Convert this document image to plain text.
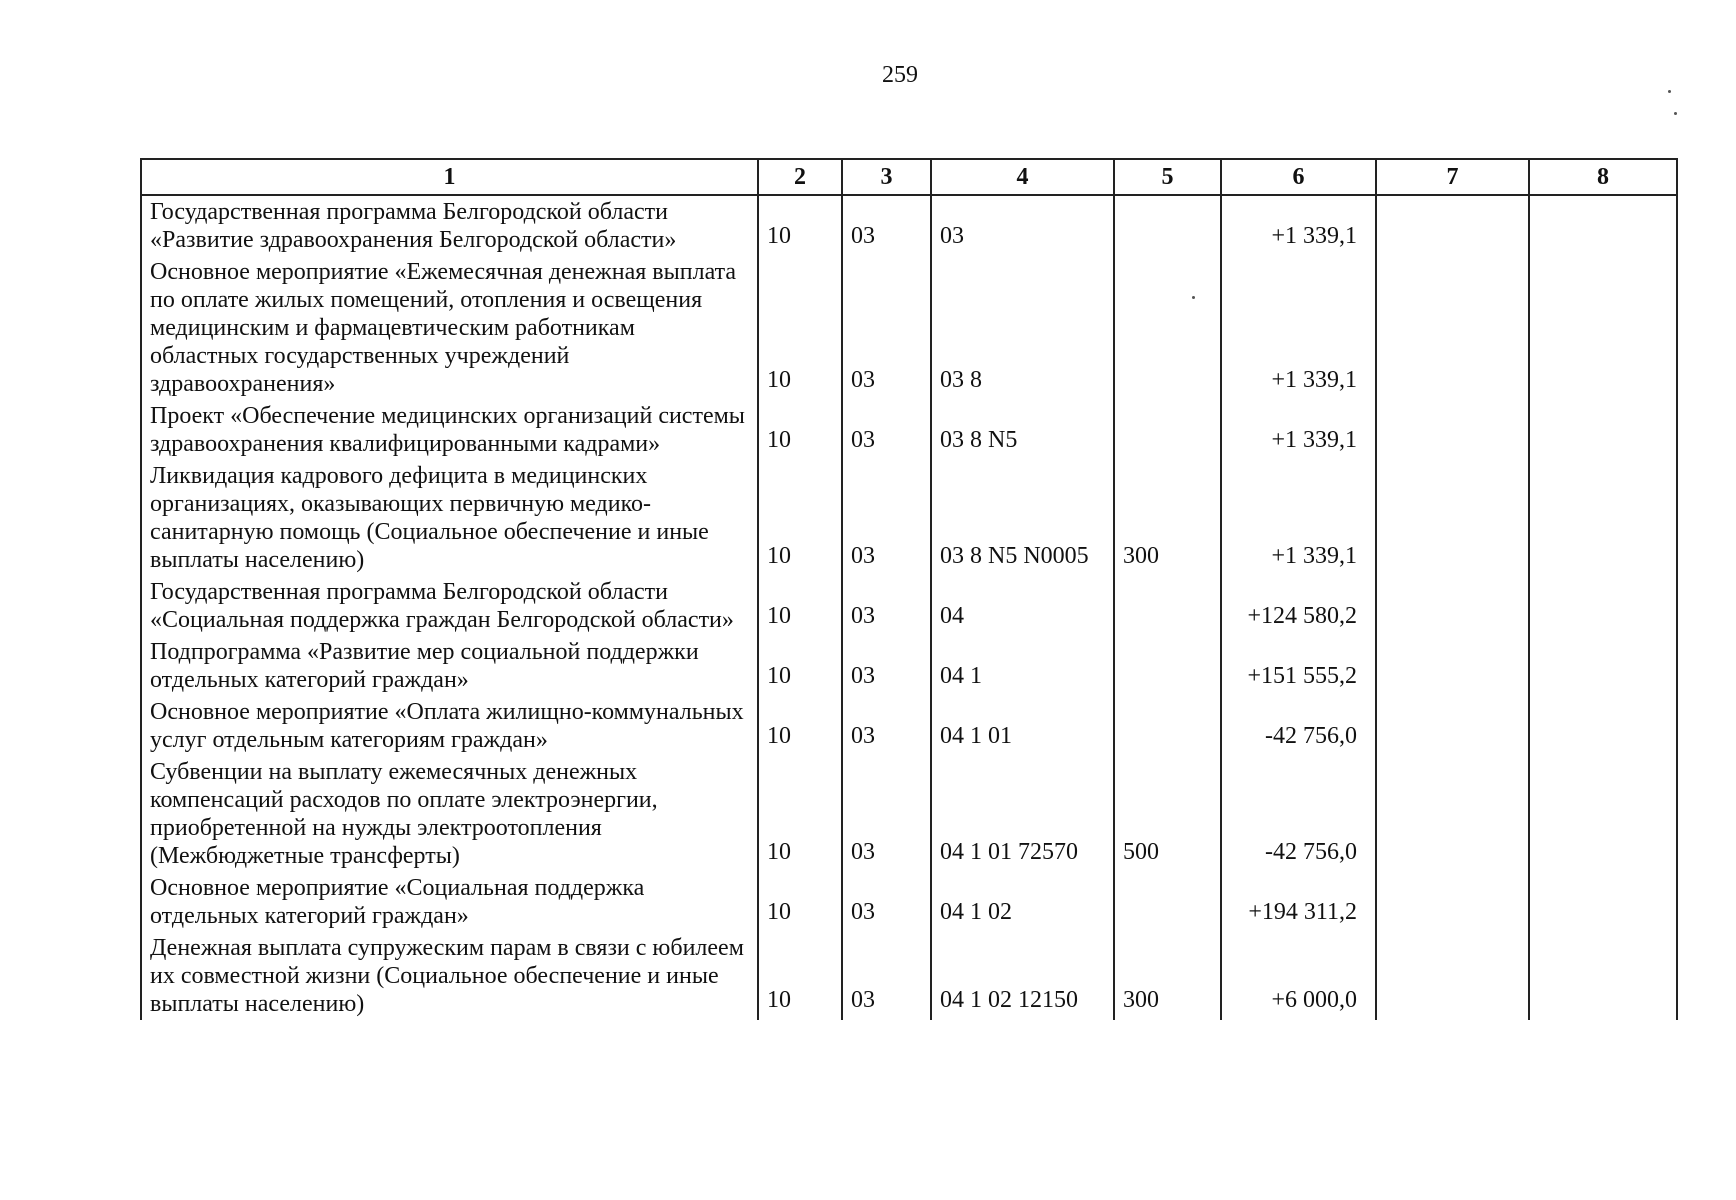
259
1	2	3	4	5	6	7	8
Государственная программа Белгородской области «Развитие здравоохранения Белгородской области»	10	03	03		+1 339,1		
Основное мероприятие «Ежемесячная денежная выплата по оплате жилых помещений, отопления и освещения медицинским и фармацевтическим работникам областных государственных учреждений здравоохранения»	10	03	03 8		+1 339,1		
Проект «Обеспечение медицинских организаций системы здравоохранения квалифицированными кадрами»	10	03	03 8 N5		+1 339,1		
Ликвидация кадрового дефицита в медицинских организациях, оказывающих первичную медико-санитарную помощь (Социальное обеспечение и иные выплаты населению)	10	03	03 8 N5 N0005	300	+1 339,1		
Государственная программа Белгородской области «Социальная поддержка граждан Белгородской области»	10	03	04		+124 580,2		
Подпрограмма «Развитие мер социальной поддержки отдельных категорий граждан»	10	03	04 1		+151 555,2		
Основное мероприятие «Оплата жилищно-коммунальных услуг отдельным категориям граждан»	10	03	04 1 01		-42 756,0		
Субвенции на выплату ежемесячных денежных компенсаций расходов по оплате электроэнергии, приобретенной на нужды электроотопления (Межбюджетные трансферты)	10	03	04 1 01 72570	500	-42 756,0		
Основное мероприятие «Социальная поддержка отдельных категорий граждан»	10	03	04 1 02		+194 311,2		
Денежная выплата супружеским парам в связи с юбилеем их совместной жизни (Социальное обеспечение и иные выплаты населению)	10	03	04 1 02 12150	300	+6 000,0		
